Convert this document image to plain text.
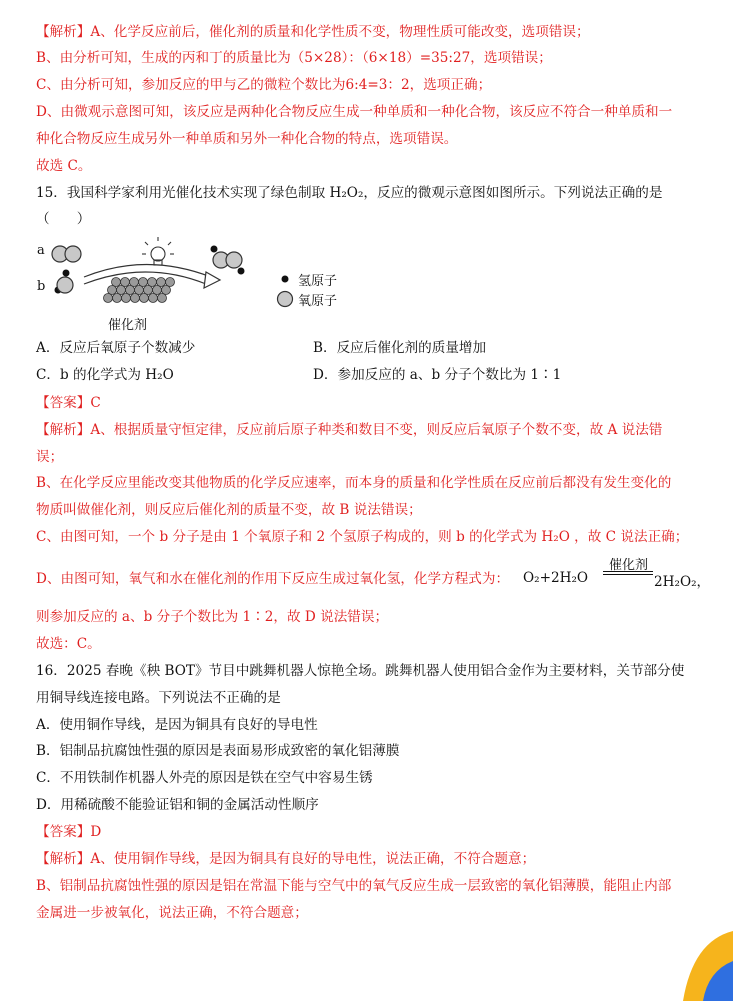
【解析】A、化学反应前后，催化剂的质量和化学性质不变，物理性质可能改变，选项错误；
B、由分析可知，生成的丙和丁的质量比为（5×28）：（6×18）=35:27，选项错误；
C、由分析可知，参加反应的甲与乙的微粒个数比为6:4=3：2，选项正确；
D、由微观示意图可知，该反应是两种化合物反应生成一种单质和一种化合物，该反应不符合一种单质和一
种化合物反应生成另外一种单质和另外一种化合物的特点，选项错误。
故选 C。
15．我国科学家利用光催化技术实现了绿色制取 H₂O₂，反应的微观示意图如图所示。下列说法正确的是
（　　）
a
b	氢原子
氧原子
催化剂
A．反应后氧原子个数减少	B．反应后催化剂的质量增加
C．b 的化学式为 H₂O	D．参加反应的 a、b 分子个数比为 1∶1
【答案】C
【解析】A、根据质量守恒定律，反应前后原子种类和数目不变，则反应后氧原子个数不变，故 A 说法错
误；
B、在化学反应里能改变其他物质的化学反应速率，而本身的质量和化学性质在反应前后都没有发生变化的
物质叫做催化剂，则反应后催化剂的质量不变，故 B 说法错误；
C、由图可知，一个 b 分子是由 1 个氧原子和 2 个氢原子构成的，则 b 的化学式为 H₂O ，故 C 说法正确；
D、由图可知，氧气和水在催化剂的作用下反应生成过氧化氢，化学方程式为： O₂+2H₂O
催化剂
2H₂O₂，
则参加反应的 a、b 分子个数比为 1∶2，故 D 说法错误；
故选：C。
16．2025 春晚《秧 BOT》节目中跳舞机器人惊艳全场。跳舞机器人使用铝合金作为主要材料，关节部分使
用铜导线连接电路。下列说法不正确的是
A．使用铜作导线，是因为铜具有良好的导电性
B．铝制品抗腐蚀性强的原因是表面易形成致密的氧化铝薄膜
C．不用铁制作机器人外壳的原因是铁在空气中容易生锈
D．用稀硫酸不能验证铝和铜的金属活动性顺序
【答案】D
【解析】A、使用铜作导线，是因为铜具有良好的导电性，说法正确，不符合题意；
B、铝制品抗腐蚀性强的原因是铝在常温下能与空气中的氧气反应生成一层致密的氧化铝薄膜，能阻止内部
金属进一步被氧化，说法正确，不符合题意；
